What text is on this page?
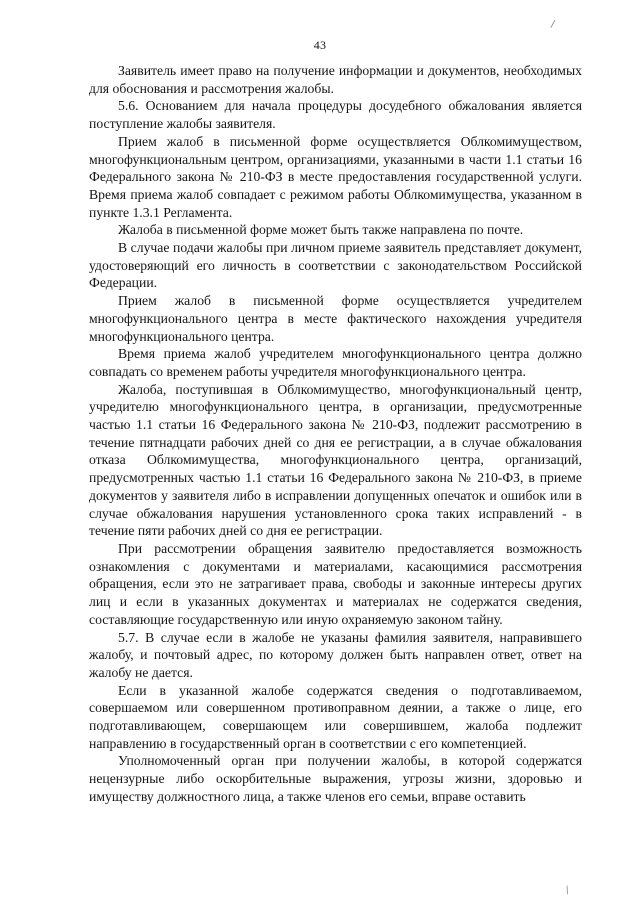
/
43

Заявитель имеет право на получение информации и документов, необходимых для обоснования и рассмотрения жалобы.

5.6. Основанием для начала процедуры досудебного обжалования является поступление жалобы заявителя.

Прием жалоб в письменной форме осуществляется Облкомимуществом, многофункциональным центром, организациями, указанными в части 1.1 статьи 16 Федерального закона № 210-ФЗ в месте предоставления государственной услуги. Время приема жалоб совпадает с режимом работы Облкомимущества, указанном в пункте 1.3.1 Регламента.

Жалоба в письменной форме может быть также направлена по почте.

В случае подачи жалобы при личном приеме заявитель представляет документ, удостоверяющий его личность в соответствии с законодательством Российской Федерации.

Прием жалоб в письменной форме осуществляется учредителем многофункционального центра в месте фактического нахождения учредителя многофункционального центра.

Время приема жалоб учредителем многофункционального центра должно совпадать со временем работы учредителя многофункционального центра.

Жалоба, поступившая в Облкомимущество, многофункциональный центр, учредителю многофункционального центра, в организации, предусмотренные частью 1.1 статьи 16 Федерального закона № 210-ФЗ, подлежит рассмотрению в течение пятнадцати рабочих дней со дня ее регистрации, а в случае обжалования отказа Облкомимущества, многофункционального центра, организаций, предусмотренных частью 1.1 статьи 16 Федерального закона № 210-ФЗ, в приеме документов у заявителя либо в исправлении допущенных опечаток и ошибок или в случае обжалования нарушения установленного срока таких исправлений - в течение пяти рабочих дней со дня ее регистрации.

При рассмотрении обращения заявителю предоставляется возможность ознакомления с документами и материалами, касающимися рассмотрения обращения, если это не затрагивает права, свободы и законные интересы других лиц и если в указанных документах и материалах не содержатся сведения, составляющие государственную или иную охраняемую законом тайну.

5.7. В случае если в жалобе не указаны фамилия заявителя, направившего жалобу, и почтовый адрес, по которому должен быть направлен ответ, ответ на жалобу не дается.

Если в указанной жалобе содержатся сведения о подготавливаемом, совершаемом или совершенном противоправном деянии, а также о лице, его подготавливающем, совершающем или совершившем, жалоба подлежит направлению в государственный орган в соответствии с его компетенцией.

Уполномоченный орган при получении жалобы, в которой содержатся нецензурные либо оскорбительные выражения, угрозы жизни, здоровью и имуществу должностного лица, а также членов его семьи, вправе оставить

/
